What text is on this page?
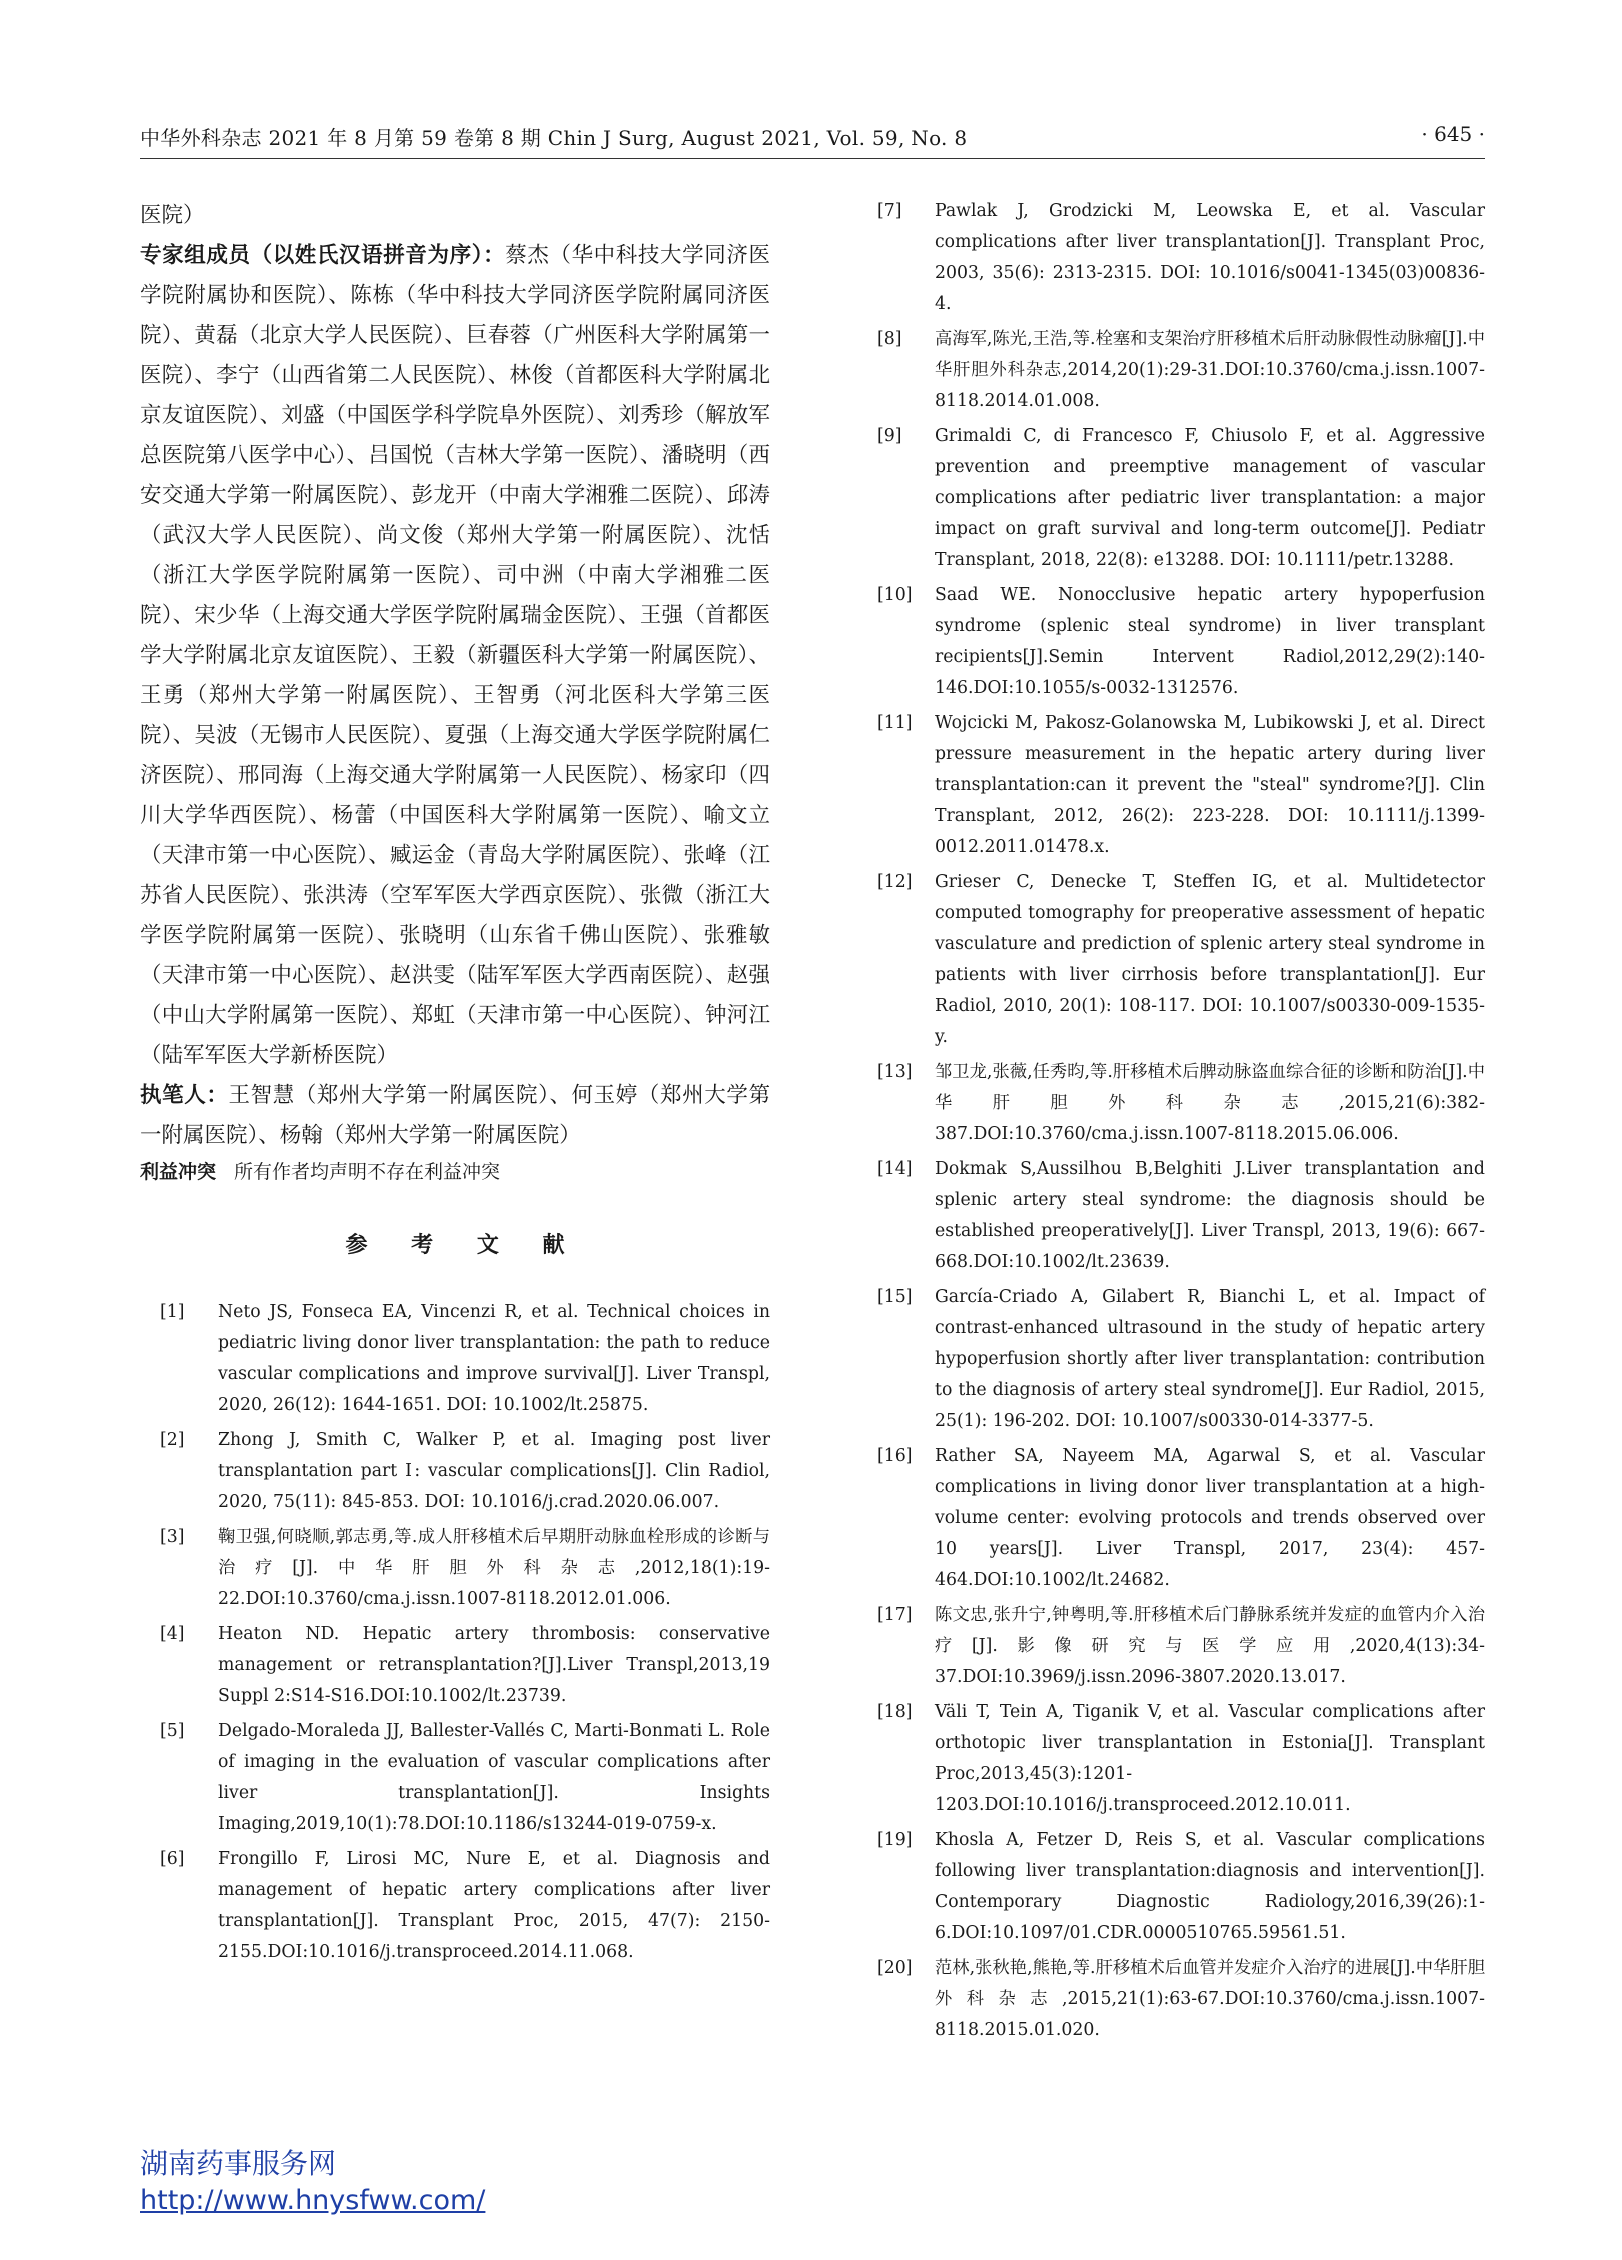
中华外科杂志 2021 年 8 月第 59 卷第 8 期 Chin J Surg, August 2021, Vol. 59, No. 8	· 645 ·
医院）

专家组成员（以姓氏汉语拼音为序）：蔡杰（华中科技大学同济医学院附属协和医院）、陈栋（华中科技大学同济医学院附属同济医院）、黄磊（北京大学人民医院）、巨春蓉（广州医科大学附属第一医院）、李宁（山西省第二人民医院）、林俊（首都医科大学附属北京友谊医院）、刘盛（中国医学科学院阜外医院）、刘秀珍（解放军总医院第八医学中心）、吕国悦（吉林大学第一医院）、潘晓明（西安交通大学第一附属医院）、彭龙开（中南大学湘雅二医院）、邱涛（武汉大学人民医院）、尚文俊（郑州大学第一附属医院）、沈恬（浙江大学医学院附属第一医院）、司中洲（中南大学湘雅二医院）、宋少华（上海交通大学医学院附属瑞金医院）、王强（首都医学大学附属北京友谊医院）、王毅（新疆医科大学第一附属医院）、王勇（郑州大学第一附属医院）、王智勇（河北医科大学第三医院）、吴波（无锡市人民医院）、夏强（上海交通大学医学院附属仁济医院）、邢同海（上海交通大学附属第一人民医院）、杨家印（四川大学华西医院）、杨蕾（中国医科大学附属第一医院）、喻文立（天津市第一中心医院）、臧运金（青岛大学附属医院）、张峰（江苏省人民医院）、张洪涛（空军军医大学西京医院）、张微（浙江大学医学院附属第一医院）、张晓明（山东省千佛山医院）、张雅敏（天津市第一中心医院）、赵洪雯（陆军军医大学西南医院）、赵强（中山大学附属第一医院）、郑虹（天津市第一中心医院）、钟河江（陆军军医大学新桥医院）

执笔人：王智慧（郑州大学第一附属医院）、何玉婷（郑州大学第一附属医院）、杨翰（郑州大学第一附属医院）

利益冲突 所有作者均声明不存在利益冲突
参 考 文 献
[1] Neto JS, Fonseca EA, Vincenzi R, et al. Technical choices in pediatric living donor liver transplantation: the path to reduce vascular complications and improve survival[J]. Liver Transpl, 2020, 26(12): 1644-1651. DOI: 10.1002/lt.25875.
[2] Zhong J, Smith C, Walker P, et al. Imaging post liver transplantation part Ⅰ: vascular complications[J]. Clin Radiol, 2020, 75(11): 845-853. DOI: 10.1016/j.crad.2020.06.007.
[3] 鞠卫强,何晓顺,郭志勇,等.成人肝移植术后早期肝动脉血栓形成的诊断与治疗[J].中华肝胆外科杂志,2012,18(1):19-22.DOI:10.3760/cma.j.issn.1007-8118.2012.01.006.
[4] Heaton ND. Hepatic artery thrombosis: conservative management or retransplantation?[J].Liver Transpl,2013,19 Suppl 2:S14-S16.DOI:10.1002/lt.23739.
[5] Delgado-Moraleda JJ, Ballester-Vallés C, Marti-Bonmati L. Role of imaging in the evaluation of vascular complications after liver transplantation[J]. Insights Imaging,2019,10(1):78.DOI:10.1186/s13244-019-0759-x.
[6] Frongillo F, Lirosi MC, Nure E, et al. Diagnosis and management of hepatic artery complications after liver transplantation[J]. Transplant Proc, 2015, 47(7): 2150-2155.DOI:10.1016/j.transproceed.2014.11.068.
[7] Pawlak J, Grodzicki M, Leowska E, et al. Vascular complications after liver transplantation[J]. Transplant Proc, 2003, 35(6): 2313-2315. DOI: 10.1016/s0041-1345(03)00836-4.
[8] 高海军,陈光,王浩,等.栓塞和支架治疗肝移植术后肝动脉假性动脉瘤[J].中华肝胆外科杂志,2014,20(1):29-31.DOI:10.3760/cma.j.issn.1007-8118.2014.01.008.
[9] Grimaldi C, di Francesco F, Chiusolo F, et al. Aggressive prevention and preemptive management of vascular complications after pediatric liver transplantation: a major impact on graft survival and long-term outcome[J]. Pediatr Transplant, 2018, 22(8): e13288. DOI: 10.1111/petr.13288.
[10] Saad WE. Nonocclusive hepatic artery hypoperfusion syndrome (splenic steal syndrome) in liver transplant recipients[J].Semin Intervent Radiol,2012,29(2):140-146.DOI:10.1055/s-0032-1312576.
[11] Wojcicki M, Pakosz-Golanowska M, Lubikowski J, et al. Direct pressure measurement in the hepatic artery during liver transplantation:can it prevent the "steal" syndrome?[J]. Clin Transplant, 2012, 26(2): 223-228. DOI: 10.1111/j.1399-0012.2011.01478.x.
[12] Grieser C, Denecke T, Steffen IG, et al. Multidetector computed tomography for preoperative assessment of hepatic vasculature and prediction of splenic artery steal syndrome in patients with liver cirrhosis before transplantation[J]. Eur Radiol, 2010, 20(1): 108-117. DOI: 10.1007/s00330-009-1535-y.
[13] 邹卫龙,张薇,任秀昀,等.肝移植术后脾动脉盗血综合征的诊断和防治[J].中华肝胆外科杂志,2015,21(6):382-387.DOI:10.3760/cma.j.issn.1007-8118.2015.06.006.
[14] Dokmak S,Aussilhou B,Belghiti J.Liver transplantation and splenic artery steal syndrome: the diagnosis should be established preoperatively[J]. Liver Transpl, 2013, 19(6): 667-668.DOI:10.1002/lt.23639.
[15] García-Criado A, Gilabert R, Bianchi L, et al. Impact of contrast-enhanced ultrasound in the study of hepatic artery hypoperfusion shortly after liver transplantation: contribution to the diagnosis of artery steal syndrome[J]. Eur Radiol, 2015, 25(1): 196-202. DOI: 10.1007/s00330-014-3377-5.
[16] Rather SA, Nayeem MA, Agarwal S, et al. Vascular complications in living donor liver transplantation at a high-volume center: evolving protocols and trends observed over 10 years[J]. Liver Transpl, 2017, 23(4): 457-464.DOI:10.1002/lt.24682.
[17] 陈文忠,张升宁,钟粤明,等.肝移植术后门静脉系统并发症的血管内介入治疗[J].影像研究与医学应用,2020,4(13):34-37.DOI:10.3969/j.issn.2096-3807.2020.13.017.
[18] Väli T, Tein A, Tiganik V, et al. Vascular complications after orthotopic liver transplantation in Estonia[J]. Transplant Proc,2013,45(3):1201-1203.DOI:10.1016/j.transproceed.2012.10.011.
[19] Khosla A, Fetzer D, Reis S, et al. Vascular complications following liver transplantation:diagnosis and intervention[J]. Contemporary Diagnostic Radiology,2016,39(26):1-6.DOI:10.1097/01.CDR.0000510765.59561.51.
[20] 范林,张秋艳,熊艳,等.肝移植术后血管并发症介入治疗的进展[J].中华肝胆外科杂志,2015,21(1):63-67.DOI:10.3760/cma.j.issn.1007-8118.2015.01.020.
湖南药事服务网
http://www.hnysfww.com/
